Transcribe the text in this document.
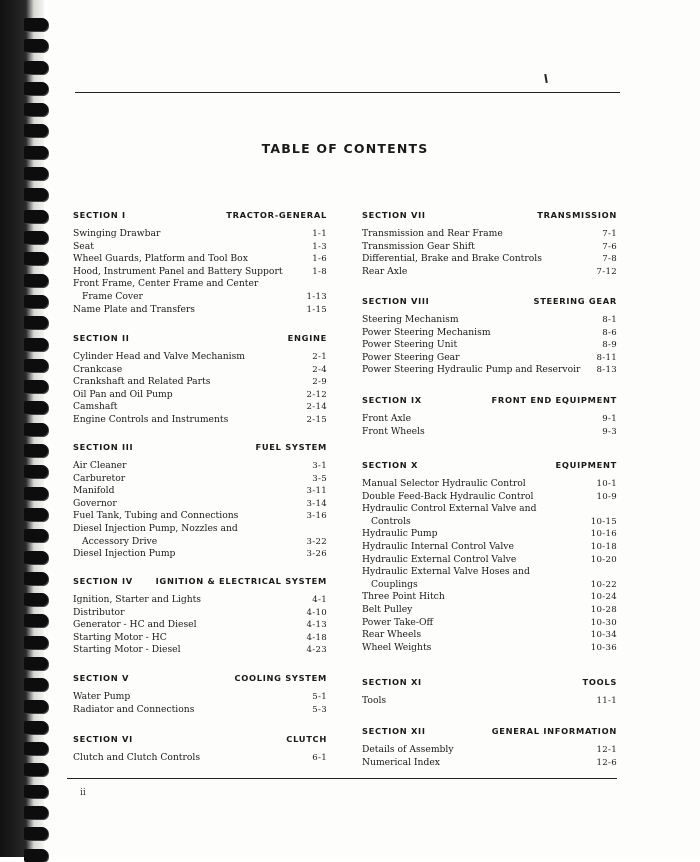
TABLE OF CONTENTS
SECTION I	TRACTOR-GENERAL
Swinging Drawbar	1-1
Seat	1-3
Wheel Guards, Platform and Tool Box	1-6
Hood, Instrument Panel and Battery Support	1-8
Front Frame, Center Frame and Center
Frame Cover	1-13
Name Plate and Transfers	1-15
SECTION II	ENGINE
Cylinder Head and Valve Mechanism	2-1
Crankcase	2-4
Crankshaft and Related Parts	2-9
Oil Pan and Oil Pump	2-12
Camshaft	2-14
Engine Controls and Instruments	2-15
SECTION III	FUEL SYSTEM
Air Cleaner	3-1
Carburetor	3-5
Manifold	3-11
Governor	3-14
Fuel Tank, Tubing and Connections	3-16
Diesel Injection Pump, Nozzles and
Accessory Drive	3-22
Diesel Injection Pump	3-26
SECTION IV	IGNITION & ELECTRICAL SYSTEM
Ignition, Starter and Lights	4-1
Distributor	4-10
Generator - HC and Diesel	4-13
Starting Motor - HC	4-18
Starting Motor - Diesel	4-23
SECTION V	COOLING SYSTEM
Water Pump	5-1
Radiator and Connections	5-3
SECTION VI	CLUTCH
Clutch and Clutch Controls	6-1
SECTION VII	TRANSMISSION
Transmission and Rear Frame	7-1
Transmission Gear Shift	7-6
Differential, Brake and Brake Controls	7-8
Rear Axle	7-12
SECTION VIII	STEERING GEAR
Steering Mechanism	8-1
Power Steering Mechanism	8-6
Power Steering Unit	8-9
Power Steering Gear	8-11
Power Steering Hydraulic Pump and Reservoir	8-13
SECTION IX	FRONT END EQUIPMENT
Front Axle	9-1
Front Wheels	9-3
SECTION X	EQUIPMENT
Manual Selector Hydraulic Control	10-1
Double Feed-Back Hydraulic Control	10-9
Hydraulic Control External Valve and
Controls	10-15
Hydraulic Pump	10-16
Hydraulic Internal Control Valve	10-18
Hydraulic External Control Valve	10-20
Hydraulic External Valve Hoses and
Couplings	10-22
Three Point Hitch	10-24
Belt Pulley	10-28
Power Take-Off	10-30
Rear Wheels	10-34
Wheel Weights	10-36
SECTION XI	TOOLS
Tools	11-1
SECTION XII	GENERAL INFORMATION
Details of Assembly	12-1
Numerical Index	12-6
ii
